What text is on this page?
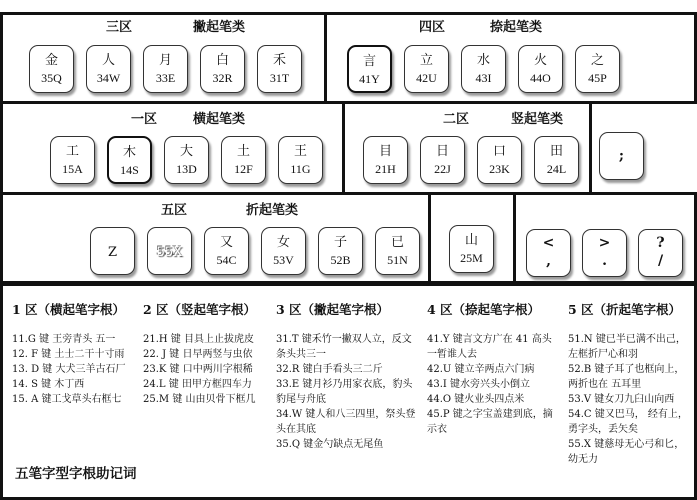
三区	撇起笔类
金
35Q
人
34W
月
33E
白
32R
禾
31T
四区	捺起笔类
言
41Y
立
42U
水
43I
火
44O
之
45P
一区	横起笔类
工
15A
木
14S
大
13D
土
12F
王
11G
二区	竖起笔类
目
21H
日
22J
口
23K
田
24L
;
五区	折起笔类
Z	55X
又
54C
女
53V
子
52B
已
51N
山
25M
<
,
>
.
?
/
1 区（横起笔字根）

11.G 键 王旁青头 五一

12. F 键 土士二干十寸雨

13. D 键 大犬三羊古石厂

14. S 键 木丁西

15. A 键工戈草头右框七

2 区（竖起笔字根）

21.H 键 目具上止拔虎皮

22. J 键 日早两竖与虫依

23.K 键 口中两川字根稀

24.L 键 田甲方框四车力

25.M 键 山由贝骨下框几

3 区（撇起笔字根）

31.T 键禾竹一撇双人立，反文条头共三一

32.R 键白手看头三二斤

33.E 键月衫乃用家衣底，豹头豹尾与舟底

34.W 键人和八三四里，祭头登头在其底

35.Q 键金勺缺点无尾鱼

4 区（捺起笔字根）

41.Y 键言文方广在 41 高头一暂谁人去

42.U 键立辛两点六门病

43.I 键水旁兴头小倒立

44.O 键火业头四点米

45.P 键之字宝盖建到底，摘示衣

5 区（折起笔字根）

51.N 键已半已满不出己，左框折尸心和羽

52.B 键子耳了也框向上，两折也在 五耳里

53.V 键女刀九臼山向西

54.C 键又巴马， 经有上，勇字头，丢矢矣

55.X 键慈母无心弓和匕，幼无力

五笔字型字根助记词
